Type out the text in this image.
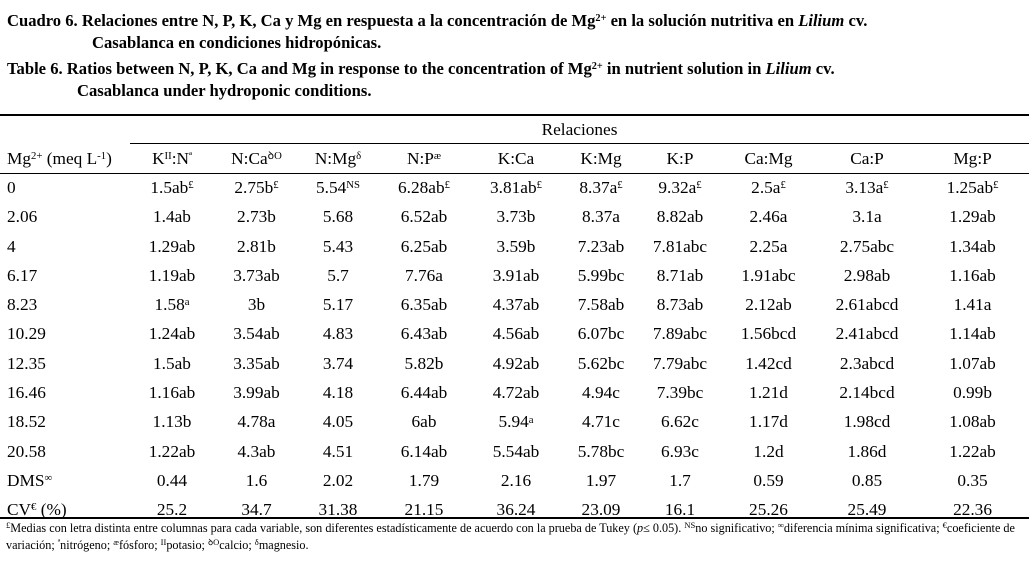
Cuadro 6. Relaciones entre N, P, K, Ca y Mg en respuesta a la concentración de $Mg^{2+}$ en la solución nutritiva en Lilium cv.
Casablanca en condiciones hidropónicas.
Table 6. Ratios between N, P, K, Ca and Mg in response to the concentration of $Mg^{2+}$ in nutrient solution in Lilium cv.
Casablanca under hydroponic conditions.
	Relaciones									
$Mg^{2+}$ (meq $L^{-1}$)	$K^{II}:N^ª$	$N:Ca^{ꝺO}$	$N:Mg^\delta$	$N:P^æ$	K:Ca	K:Mg	K:P	Ca:Mg	Ca:P	Mg:P
0	1.5ab£	2.75b£	$5.54^{NS}$	6.28ab£	3.81ab£	8.37a£	9.32a£	2.5a£	3.13a£	1.25ab£
2.06	1.4ab	2.73b	5.68	6.52ab	3.73b	8.37a	8.82ab	2.46a	3.1a	1.29ab
4	1.29ab	2.81b	5.43	6.25ab	3.59b	7.23ab	7.81abc	2.25a	2.75abc	1.34ab
6.17	1.19ab	3.73ab	5.7	7.76a	3.91ab	5.99bc	8.71ab	1.91abc	2.98ab	1.16ab
8.23	1.58$^a$	3b	5.17	6.35ab	4.37ab	7.58ab	8.73ab	2.12ab	2.61abcd	1.41a
10.29	1.24ab	3.54ab	4.83	6.43ab	4.56ab	6.07bc	7.89abc	1.56bcd	2.41abcd	1.14ab
12.35	1.5ab	3.35ab	3.74	5.82b	4.92ab	5.62bc	7.79abc	1.42cd	2.3abcd	1.07ab
16.46	1.16ab	3.99ab	4.18	6.44ab	4.72ab	4.94c	7.39bc	1.21d	2.14bcd	0.99b
18.52	1.13b	4.78a	4.05	6ab	5.94$^a$	4.71c	6.62c	1.17d	1.98cd	1.08ab
20.58	1.22ab	4.3ab	4.51	6.14ab	5.54ab	5.78bc	6.93c	1.2d	1.86d	1.22ab
DMS∞	0.44	1.6	2.02	1.79	2.16	1.97	1.7	0.59	0.85	0.35
CV€ (%)	25.2	34.7	31.38	21.15	36.24	23.09	16.1	25.26	25.49	22.36
£Medias con letra distinta entre columnas para cada variable, son diferentes estadísticamente de acuerdo con la prueba de Tukey (p≤ 0.05). $^{NS}$no significativo; ∞diferencia mínima significativa; €coeficiente de variación; $^ª$nitrógeno; $^æ$fósforo; $^{II}$potasio; $^{ꝺO}$calcio; $^\delta$magnesio.
